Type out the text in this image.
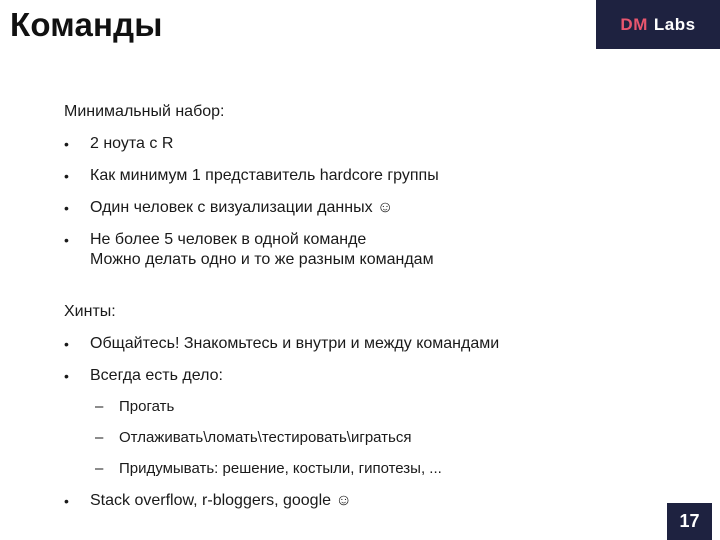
Команды	DM Labs
Минимальный набор:
•	2 ноута с R
•	Как минимум 1 представитель hardcore группы
•	Один человек с визуализации данных ☺
•	Не более 5 человек в одной команде
Можно делать одно и то же разным командам
Хинты:
•	Общайтесь! Знакомьтесь и внутри и между командами
•	Всегда есть дело:
– Прогать
– Отлаживать\ломать\тестировать\играться
– Придумывать: решение, костыли, гипотезы, ...
•	Stack overflow, r-bloggers, google ☺
17
